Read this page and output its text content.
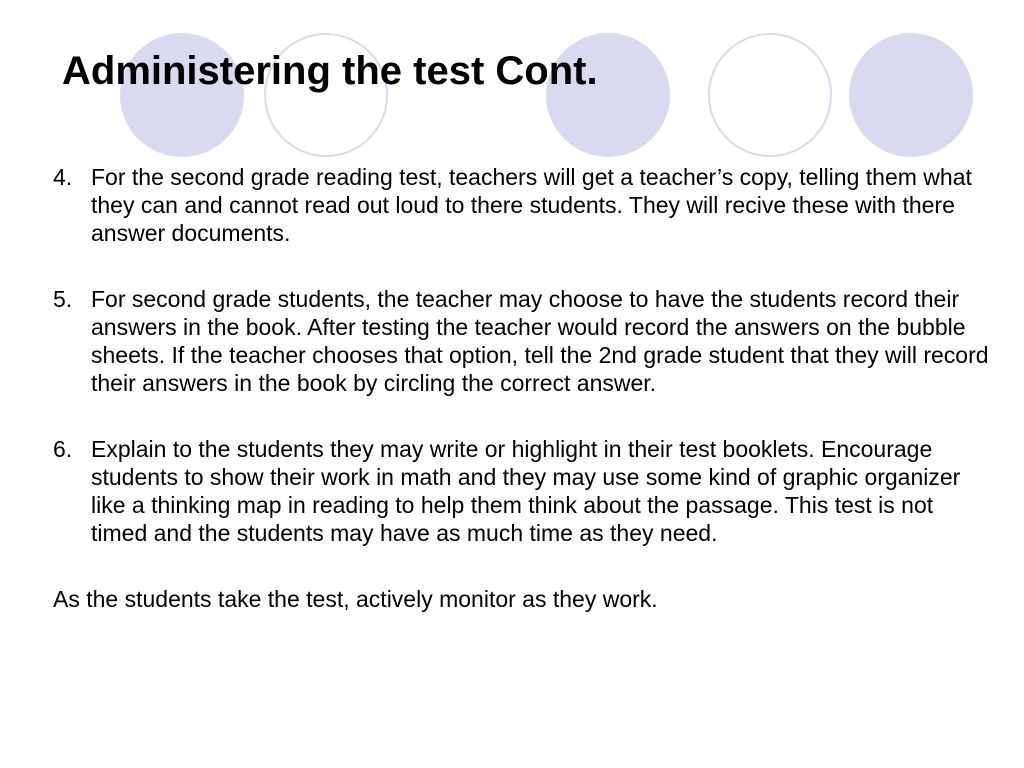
Administering the test Cont.

4. For the second grade reading test, teachers will get a teacher’s copy, telling them what they can and cannot read out loud to there students. They will recive these with there answer documents.

5. For second grade students, the teacher may choose to have the students record their answers in the book. After testing the teacher would record the answers on the bubble sheets. If the teacher chooses that option, tell the 2nd grade student that they will record their answers in the book by circling the correct answer.

6. Explain to the students they may write or highlight in their test booklets. Encourage students to show their work in math and they may use some kind of graphic organizer like a thinking map in reading to help them think about the passage. This test is not timed and the students may have as much time as they need.

As the students take the test, actively monitor as they work.
